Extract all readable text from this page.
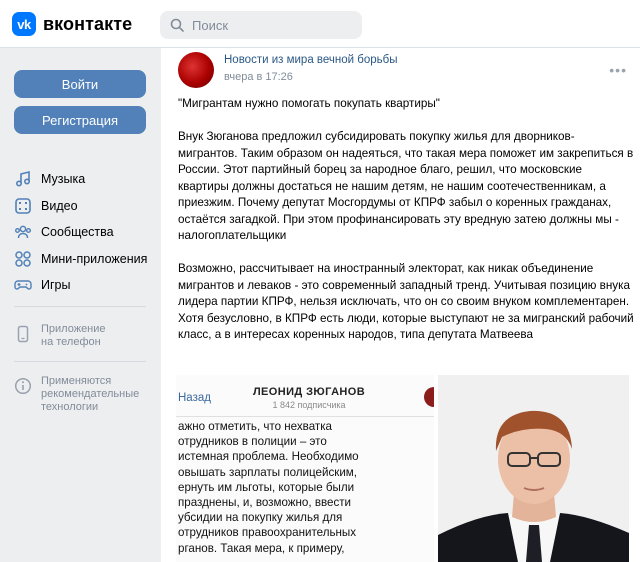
vk вконтакте	Поиск
Войти
Регистрация
Музыка
Видео
Сообщества
Мини-приложения
Игры
Приложение
на телефон
Применяются
рекомендательные
технологии
Новости из мира вечной борьбы
вчера в 17:26	•••

"Мигрантам нужно помогать покупать квартиры"

Внук Зюганова предложил субсидировать покупку жилья для дворников-мигрантов. Таким образом он надеяться, что такая мера поможет им закрепиться в России. Этот партийный борец за народное благо, решил, что московские квартиры должны достаться не нашим детям, не нашим соотечественникам, а приезжим. Почему депутат Мосгордумы от КПРФ забыл о коренных гражданах, остаётся загадкой. При этом профинансировать эту вредную затею должны мы - налогоплательщики

Возможно, рассчитывает на иностранный электорат, как никак объединение мигрантов и левaков - это современный западный тренд. Учитывая позицию внука лидера партии КПРФ, нельзя исключать, что он со своим внуком комплементарен. Хотя безусловно, в КПРФ есть люди, которые выступают не за мигранский рабочий класс, а в интересах коренных народов, типа депутата Матвеева

Назад	ЛЕОНИД ЗЮГАНОВ
1 842 подписчика
ажно отметить, что нехватка
отрудников в полиции – это
истемная проблема. Необходимо
овышать зарплаты полицейским,
ернуть им льготы, которые были
празднены, и, возможно, ввести
убсидии на покупку жилья для
отрудников правоохранительных
рганов. Такая мера, к примеру,
